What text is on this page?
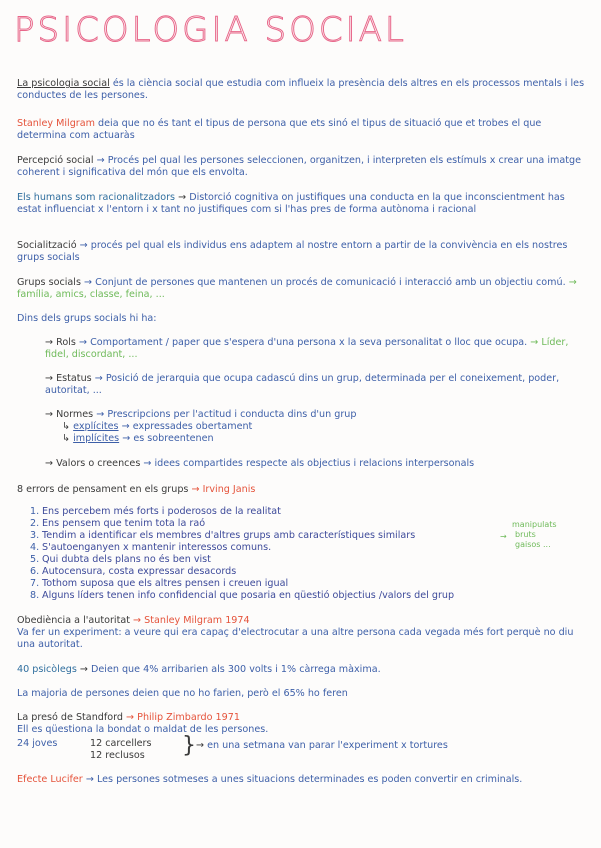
PSICOLOGIA SOCIAL
La psicologia social és la ciència social que estudia com influeix la presència dels altres en els processos mentals i les conductes de les persones.
Stanley Milgram deia que no és tant el tipus de persona que ets sinó el tipus de situació que et trobes el que determina com actuaràs
Percepció social → Procés pel qual les persones seleccionen, organitzen, i interpreten els estímuls x crear una imatge coherent i significativa del món que els envolta.
Els humans som racionalitzadors → Distorció cognitiva on justifiques una conducta en la que inconscientment has estat influenciat x l'entorn i x tant no justifiques com si l'has pres de forma autònoma i racional
Socialització → procés pel qual els individus ens adaptem al nostre entorn a partir de la convivència en els nostres grups socials
Grups socials → Conjunt de persones que mantenen un procés de comunicació i interacció amb un objectiu comú. → família, amics, classe, feina, ...
Dins dels grups socials hi ha:
→ Rols → Comportament / paper que s'espera d'una persona x la seva personalitat o lloc que ocupa. → Líder, fidel, discordant, ...
→ Estatus → Posició de jerarquia que ocupa cadascú dins un grup, determinada per el coneixement, poder, autoritat, ...
→ Normes → Prescripcions per l'actitud i conducta dins d'un grup
↳ explícites → expressades obertament
↳ implícites → es sobreentenen
→ Valors o creences → idees compartides respecte als objectius i relacions interpersonals
8 errors de pensament en els grups → Irving Janis
1. Ens percebem més forts i poderosos de la realitat
2. Ens pensem que tenim tota la raó
3. Tendim a identificar els membres d'altres grups amb característiques similars
4. S'autoenganyen x mantenir interessos comuns.
5. Qui dubta dels plans no és ben vist
6. Autocensura, costa expressar desacords
7. Tothom suposa que els altres pensen i creuen igual
8. Alguns líders tenen info confidencial que posaria en qüestió objectius /valors del grup
→
manipulats
bruts
gaisos ...
Obediència a l'autoritat → Stanley Milgram 1974
Va fer un experiment: a veure qui era capaç d'electrocutar a una altre persona cada vegada més fort perquè no diu una autoritat.
40 psicòlegs → Deien que 4% arribarien als 300 volts i 1% càrrega màxima.
La majoria de persones deien que no ho farien, però el 65% ho feren
La presó de Standford → Philip Zimbardo 1971
Ell es qüestiona la bondat o maldat de les persones.
24 joves	12 carcellers
12 reclusos	} → en una setmana van parar l'experiment x tortures
Efecte Lucifer → Les persones sotmeses a unes situacions determinades es poden convertir en criminals.
